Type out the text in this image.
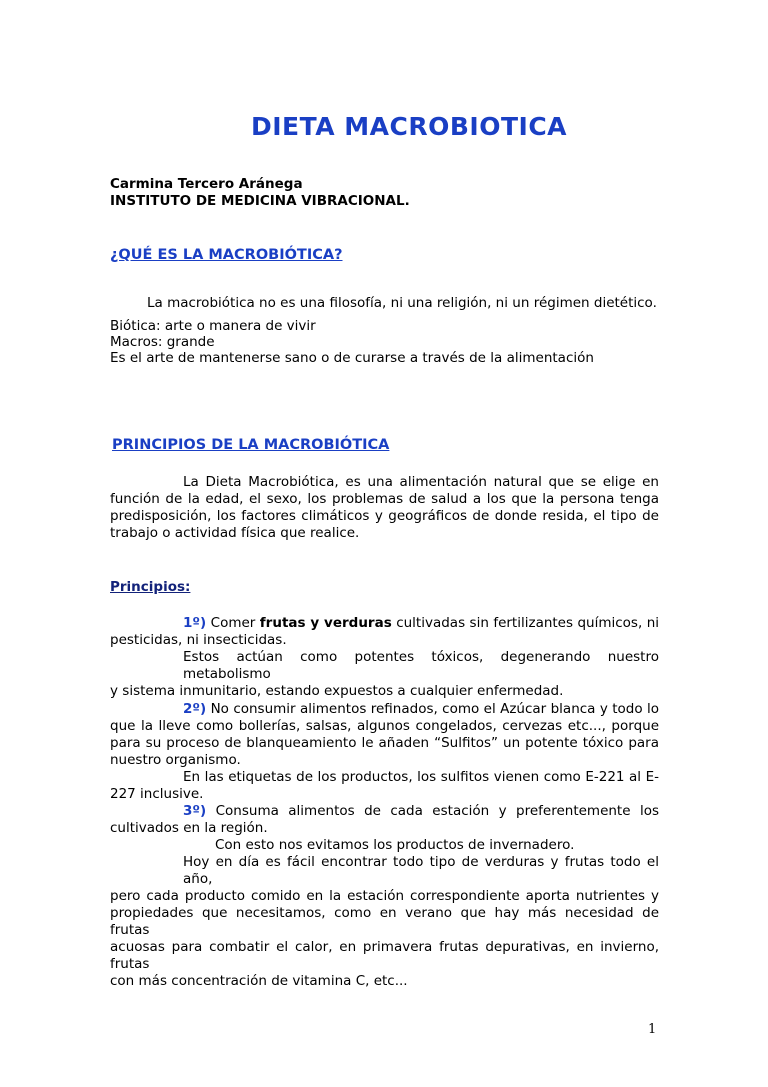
DIETA MACROBIOTICA
Carmina Tercero Aránega
INSTITUTO DE MEDICINA VIBRACIONAL.
¿QUÉ ES LA MACROBIÓTICA?
La macrobiótica no es una filosofía, ni una religión, ni un régimen dietético.
Biótica: arte o manera de vivir
Macros: grande
Es el arte de mantenerse sano o de curarse a través de la alimentación
PRINCIPIOS DE LA MACROBIÓTICA
La Dieta Macrobiótica, es una alimentación natural que se elige en
función de la edad, el sexo, los problemas de salud a los que la persona tenga
predisposición, los factores climáticos y geográficos de donde resida, el tipo de
trabajo o actividad física que realice.
Principios:
1º) Comer frutas y verduras cultivadas sin fertilizantes químicos, ni
pesticidas, ni insecticidas.
Estos actúan como potentes tóxicos, degenerando nuestro metabolismo
y sistema inmunitario, estando expuestos a cualquier enfermedad.
2º) No consumir alimentos refinados, como el Azúcar blanca y todo lo
que la lleve como bollerías, salsas, algunos congelados, cervezas etc..., porque
para su proceso de blanqueamiento le añaden “Sulfitos” un potente tóxico para
nuestro organismo.
En las etiquetas de los productos, los sulfitos vienen como E-221 al E-
227 inclusive.
3º) Consuma alimentos de cada estación y preferentemente los
cultivados en la región.
Con esto nos evitamos los productos de invernadero.
Hoy en día es fácil encontrar todo tipo de verduras y frutas todo el año,
pero cada producto comido en la estación correspondiente aporta nutrientes y
propiedades que necesitamos, como en verano que hay más necesidad de frutas
acuosas para combatir el calor, en primavera frutas depurativas, en invierno, frutas
con más concentración de vitamina C, etc...
1
